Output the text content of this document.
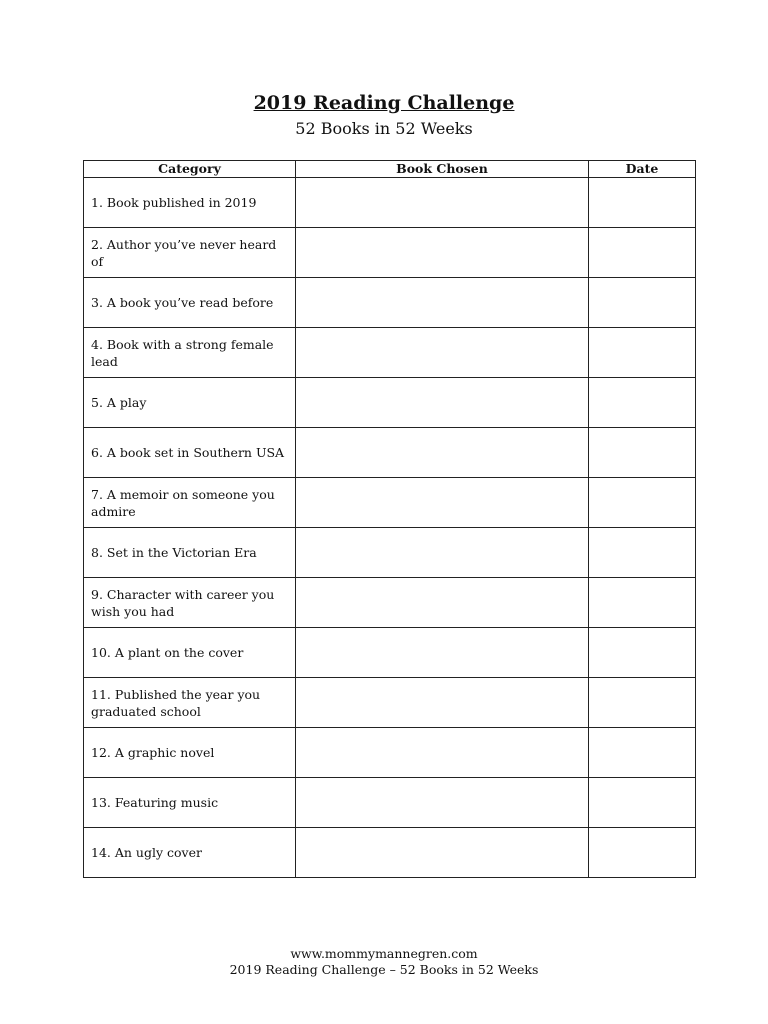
2019 Reading Challenge
52 Books in 52 Weeks
Category	Book Chosen	Date
1. Book published in 2019		
2. Author you’ve never heard of		
3. A book you’ve read before		
4. Book with a strong female lead		
5. A play		
6. A book set in Southern USA		
7. A memoir on someone you admire		
8. Set in the Victorian Era		
9. Character with career you wish you had		
10. A plant on the cover		
11. Published the year you graduated school		
12. A graphic novel		
13. Featuring music		
14. An ugly cover		
www.mommymannegren.com
2019 Reading Challenge – 52 Books in 52 Weeks
